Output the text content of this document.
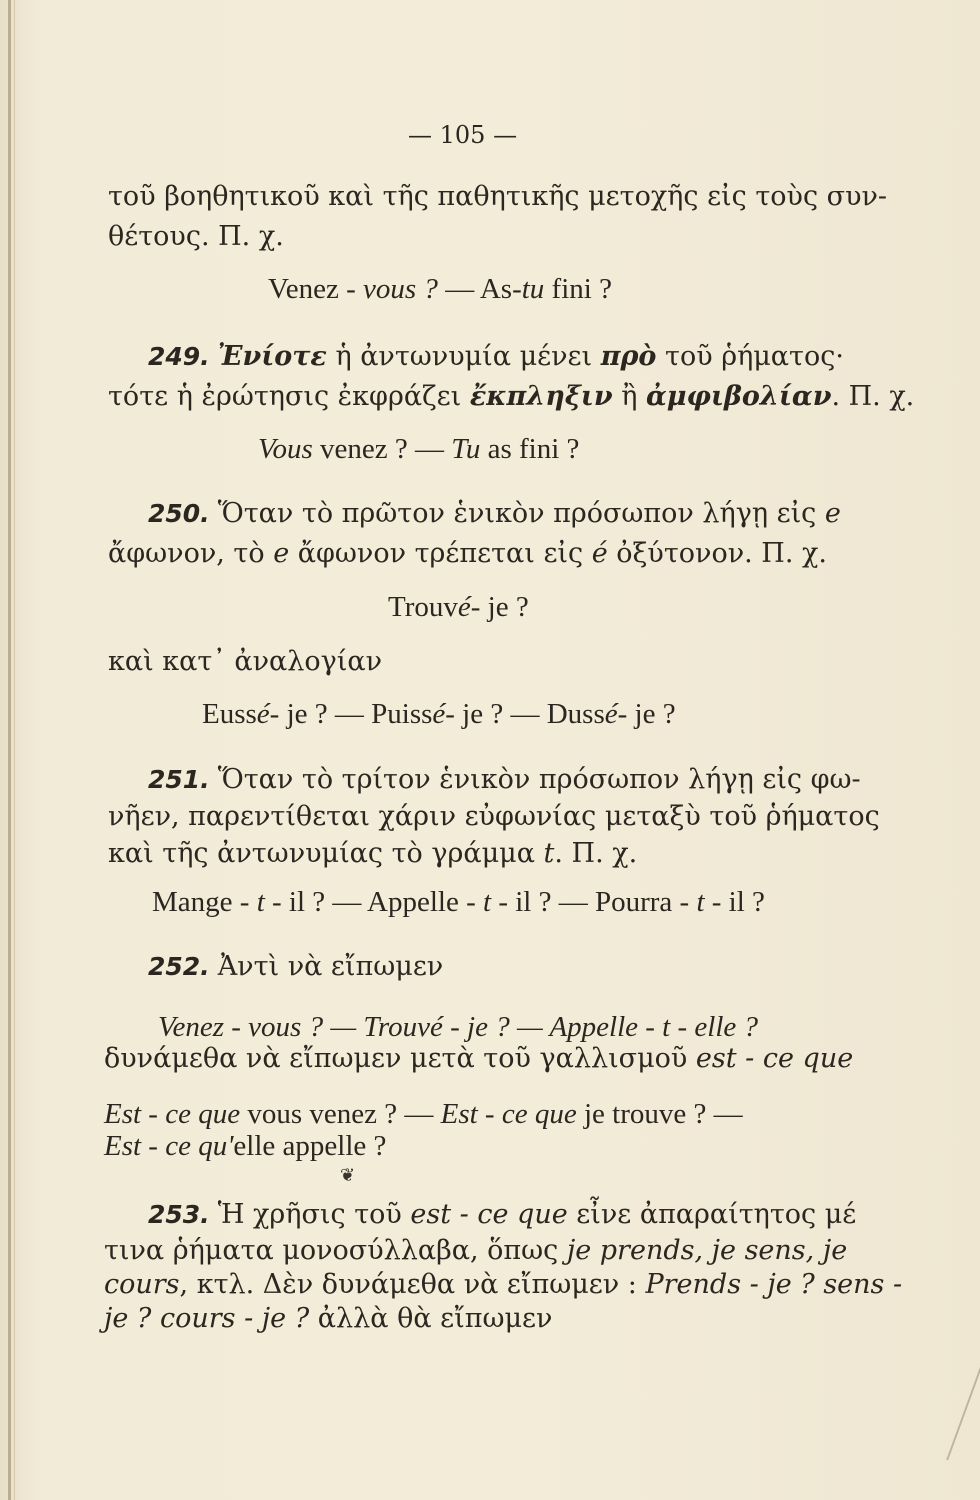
— 105 —
τοῦ βοηθητικοῦ καὶ τῆς παθητικῆς μετοχῆς εἰς τοὺς συν-
θέτους. Π. χ.
Venez - vous ? — As-tu fini ?
249. Ἐνίοτε ἡ ἀντωνυμία μένει πρὸ τοῦ ῥήματος·
τότε ἡ ἐρώτησις ἐκφράζει ἔκπληξιν ἢ ἀμφιβολίαν. Π. χ.
Vous venez ? — Tu as fini ?
250. Ὅταν τὸ πρῶτον ἑνικὸν πρόσωπον λήγῃ εἰς e
ἄφωνον, τὸ e ἄφωνον τρέπεται εἰς é ὀξύτονον. Π. χ.
Trouvé- je ?
καὶ κατ᾽ ἀναλογίαν
Eussé- je ? — Puissé- je ? — Dussé- je ?
251. Ὅταν τὸ τρίτον ἑνικὸν πρόσωπον λήγῃ εἰς φω-
νῆεν, παρεντίθεται χάριν εὐφωνίας μεταξὺ τοῦ ῥήματος
καὶ τῆς ἀντωνυμίας τὸ γράμμα t. Π. χ.
Mange - t - il ? — Appelle - t - il ? — Pourra - t - il ?
252. Ἀντὶ νὰ εἴπωμεν
Venez - vous ? — Trouvé - je ? — Appelle - t - elle ?
δυνάμεθα νὰ εἴπωμεν μετὰ τοῦ γαλλισμοῦ est - ce que
Est - ce que vous venez ? — Est - ce que je trouve ? —
Est - ce qu'elle appelle ?
❦
253. Ἡ χρῆσις τοῦ est - ce que εἶνε ἀπαραίτητος μέ
τινα ῥήματα μονοσύλλαβα, ὅπως je prends, je sens, je
cours, κτλ. Δὲν δυνάμεθα νὰ εἴπωμεν : Prends - je ? sens -
je ? cours - je ? ἀλλὰ θὰ εἴπωμεν
